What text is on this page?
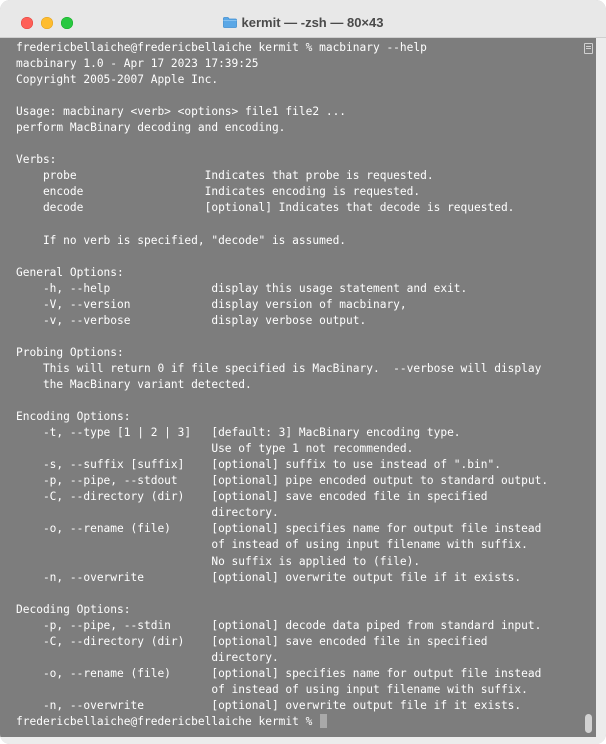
kermit — -zsh — 80×43
fredericbellaiche@fredericbellaiche kermit % macbinary --help
macbinary 1.0 - Apr 17 2023 17:39:25
Copyright 2005-2007 Apple Inc.
Usage: macbinary <verb> <options> file1 file2 ...
perform MacBinary decoding and encoding.
Verbs:
probe                   Indicates that probe is requested.
encode                  Indicates encoding is requested.
decode                  [optional] Indicates that decode is requested.
If no verb is specified, "decode" is assumed.
General Options:
-h, --help               display this usage statement and exit.
-V, --version            display version of macbinary,
-v, --verbose            display verbose output.
Probing Options:
This will return 0 if file specified is MacBinary.  --verbose will display
the MacBinary variant detected.
Encoding Options:
-t, --type [1 | 2 | 3]   [default: 3] MacBinary encoding type.
Use of type 1 not recommended.
-s, --suffix [suffix]    [optional] suffix to use instead of ".bin".
-p, --pipe, --stdout     [optional] pipe encoded output to standard output.
-C, --directory (dir)    [optional] save encoded file in specified
directory.
-o, --rename (file)      [optional] specifies name for output file instead
of instead of using input filename with suffix.
No suffix is applied to (file).
-n, --overwrite          [optional] overwrite output file if it exists.
Decoding Options:
-p, --pipe, --stdin      [optional] decode data piped from standard input.
-C, --directory (dir)    [optional] save encoded file in specified
directory.
-o, --rename (file)      [optional] specifies name for output file instead
of instead of using input filename with suffix.
-n, --overwrite          [optional] overwrite output file if it exists.
fredericbellaiche@fredericbellaiche kermit %
